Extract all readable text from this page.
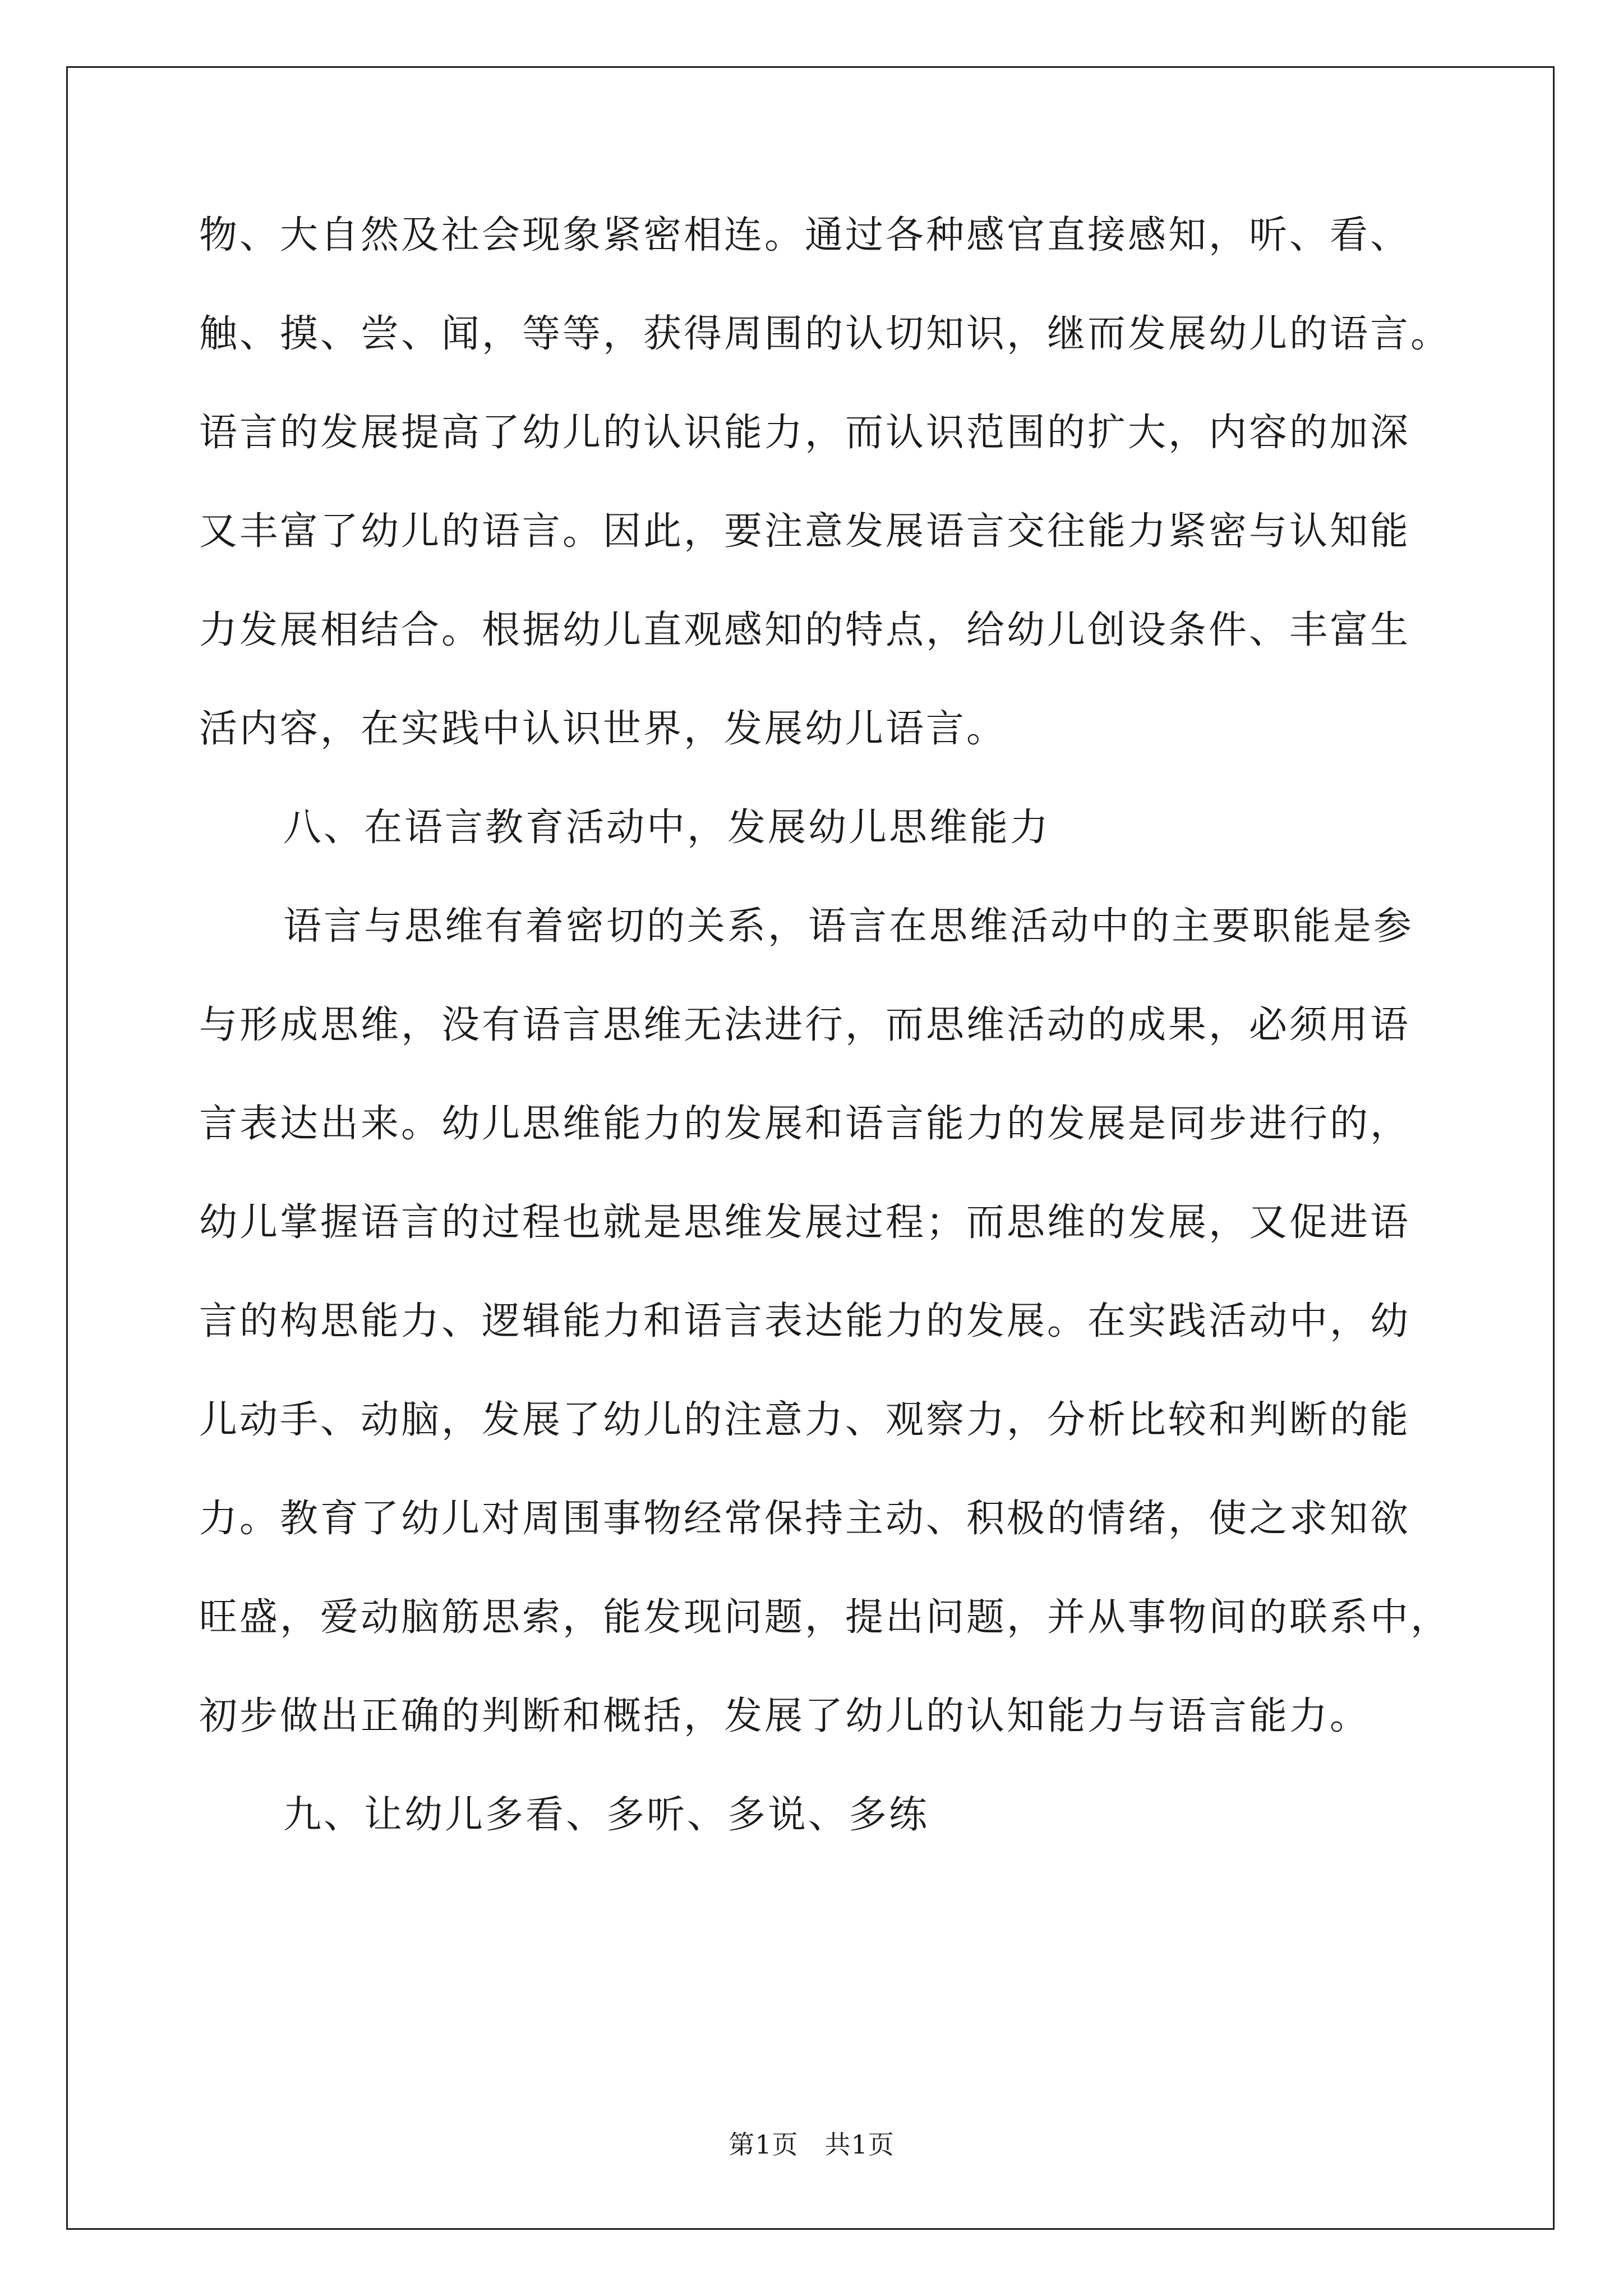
物、大自然及社会现象紧密相连。通过各种感官直接感知，听、看、
触、摸、尝、闻，等等，获得周围的认切知识，继而发展幼儿的语言。
语言的发展提高了幼儿的认识能力，而认识范围的扩大，内容的加深
又丰富了幼儿的语言。因此，要注意发展语言交往能力紧密与认知能
力发展相结合。根据幼儿直观感知的特点，给幼儿创设条件、丰富生
活内容，在实践中认识世界，发展幼儿语言。
八、在语言教育活动中，发展幼儿思维能力
语言与思维有着密切的关系，语言在思维活动中的主要职能是参
与形成思维，没有语言思维无法进行，而思维活动的成果，必须用语
言表达出来。幼儿思维能力的发展和语言能力的发展是同步进行的，
幼儿掌握语言的过程也就是思维发展过程；而思维的发展，又促进语
言的构思能力、逻辑能力和语言表达能力的发展。在实践活动中，幼
儿动手、动脑，发展了幼儿的注意力、观察力，分析比较和判断的能
力。教育了幼儿对周围事物经常保持主动、积极的情绪，使之求知欲
旺盛，爱动脑筋思索，能发现问题，提出问题，并从事物间的联系中，
初步做出正确的判断和概括，发展了幼儿的认知能力与语言能力。
九、让幼儿多看、多听、多说、多练
第1页　共1页
